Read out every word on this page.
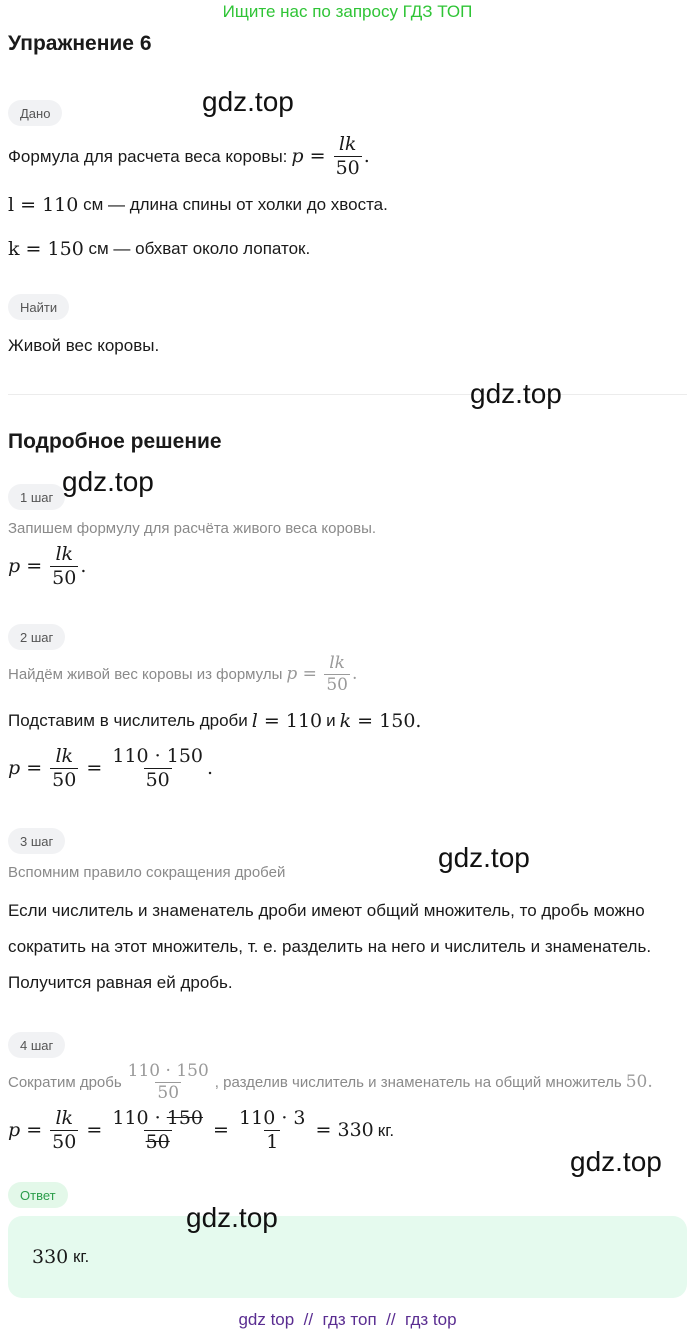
Ищите нас по запросу ГДЗ ТОП
Упражнение 6
Дано
Формула для расчета веса коровы: $p = \frac{lk}{50}$ .
l = 110 см — длина спины от холки до хвоста.
k = 150 см — обхват около лопаток.
Найти
Живой вес коровы.
Подробное решение
1 шаг
Запишем формулу для расчёта живого веса коровы.
$p = \frac{lk}{50}$ .
2 шаг
Найдём живой вес коровы из формулы $p = \frac{lk}{50}$ .
Подставим в числитель дроби l = 110 и k = 150.
$p = \frac{lk}{50} = \frac{110 \cdot 150}{50}$ .
3 шаг
Вспомним правило сокращения дробей
Если числитель и знаменатель дроби имеют общий множитель, то дробь можно сократить на этот множитель, т. е. разделить на него и числитель и знаменатель. Получится равная ей дробь.
4 шаг
Сократим дробь $\frac{110 \cdot 150}{50}$ , разделив числитель и знаменатель на общий множитель 50.
$p = \frac{lk}{50} = \frac{110 \cdot 150}{50} = \frac{110 \cdot 3}{1} = 330$ кг.
Ответ
330 кг.
gdz.top
gdz.top
gdz.top
gdz.top
gdz.top
gdz.top
gdz top  //  гдз топ  //  гдз top
